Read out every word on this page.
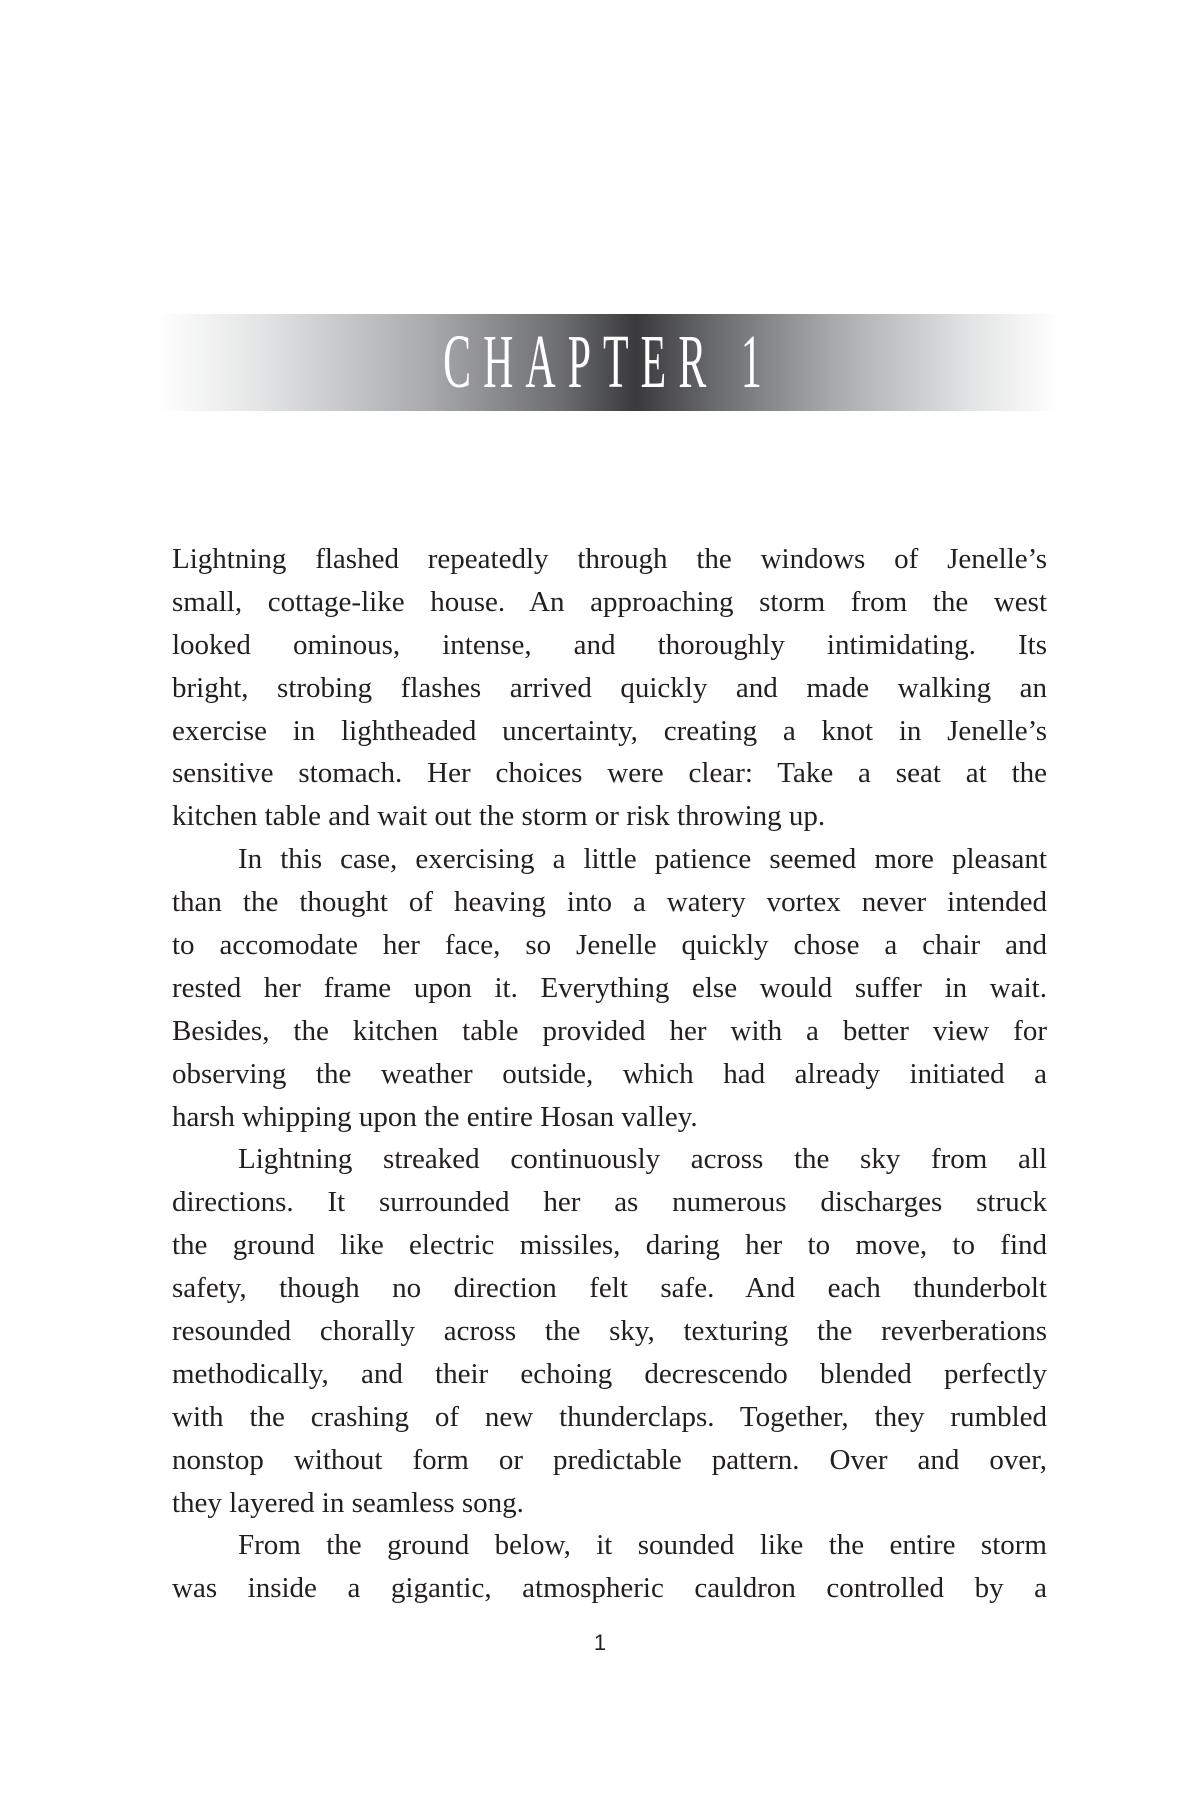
CHAPTER 1
Lightning flashed repeatedly through the windows of Jenelle’s
small, cottage-like house. An approaching storm from the west
looked ominous, intense, and thoroughly intimidating. Its
bright, strobing flashes arrived quickly and made walking an
exercise in lightheaded uncertainty, creating a knot in Jenelle’s
sensitive stomach. Her choices were clear: Take a seat at the
kitchen table and wait out the storm or risk throwing up.
In this case, exercising a little patience seemed more pleasant
than the thought of heaving into a watery vortex never intended
to accomodate her face, so Jenelle quickly chose a chair and
rested her frame upon it. Everything else would suffer in wait.
Besides, the kitchen table provided her with a better view for
observing the weather outside, which had already initiated a
harsh whipping upon the entire Hosan valley.
Lightning streaked continuously across the sky from all
directions. It surrounded her as numerous discharges struck
the ground like electric missiles, daring her to move, to find
safety, though no direction felt safe. And each thunderbolt
resounded chorally across the sky, texturing the reverberations
methodically, and their echoing decrescendo blended perfectly
with the crashing of new thunderclaps. Together, they rumbled
nonstop without form or predictable pattern. Over and over,
they layered in seamless song.
From the ground below, it sounded like the entire storm
was inside a gigantic, atmospheric cauldron controlled by a
1
